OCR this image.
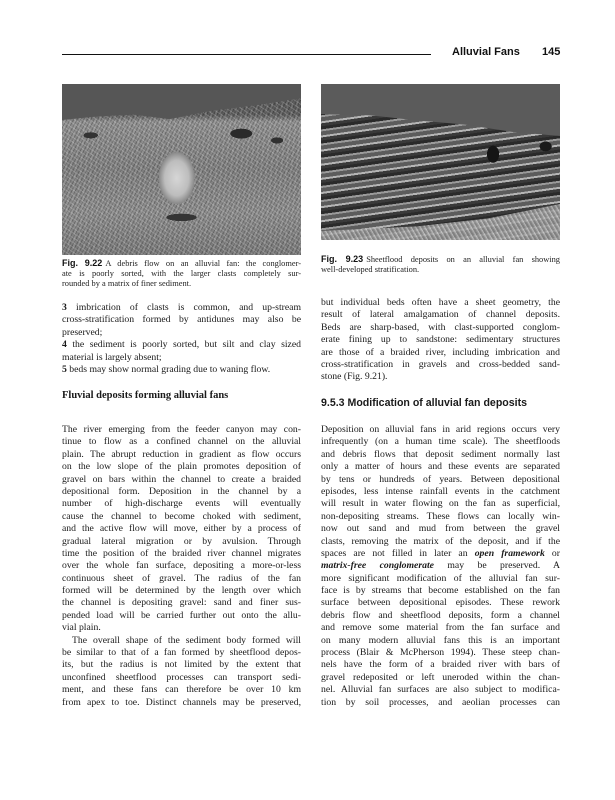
Alluvial Fans 145
Fig. 9.22 A debris flow on an alluvial fan: the conglomer-
ate is poorly sorted, with the larger clasts completely sur-
rounded by a matrix of finer sediment.
Fig. 9.23 Sheetflood deposits on an alluvial fan showing
well-developed stratification.
3 imbrication of clasts is common, and up-stream
cross-stratification formed by antidunes may also be
preserved;
4 the sediment is poorly sorted, but silt and clay sized
material is largely absent;
5 beds may show normal grading due to waning flow.
Fluvial deposits forming alluvial fans
The river emerging from the feeder canyon may con-
tinue to flow as a confined channel on the alluvial
plain. The abrupt reduction in gradient as flow occurs
on the low slope of the plain promotes deposition of
gravel on bars within the channel to create a braided
depositional form. Deposition in the channel by a
number of high-discharge events will eventually
cause the channel to become choked with sediment,
and the active flow will move, either by a process of
gradual lateral migration or by avulsion. Through
time the position of the braided river channel migrates
over the whole fan surface, depositing a more-or-less
continuous sheet of gravel. The radius of the fan
formed will be determined by the length over which
the channel is depositing gravel: sand and finer sus-
pended load will be carried further out onto the allu-
vial plain.
The overall shape of the sediment body formed will
be similar to that of a fan formed by sheetflood depos-
its, but the radius is not limited by the extent that
unconfined sheetflood processes can transport sedi-
ment, and these fans can therefore be over 10 km
from apex to toe. Distinct channels may be preserved,
but individual beds often have a sheet geometry, the
result of lateral amalgamation of channel deposits.
Beds are sharp-based, with clast-supported conglom-
erate fining up to sandstone: sedimentary structures
are those of a braided river, including imbrication and
cross-stratification in gravels and cross-bedded sand-
stone (Fig. 9.21).
9.5.3 Modification of alluvial fan deposits
Deposition on alluvial fans in arid regions occurs very
infrequently (on a human time scale). The sheetfloods
and debris flows that deposit sediment normally last
only a matter of hours and these events are separated
by tens or hundreds of years. Between depositional
episodes, less intense rainfall events in the catchment
will result in water flowing on the fan as superficial,
non-depositing streams. These flows can locally win-
now out sand and mud from between the gravel
clasts, removing the matrix of the deposit, and if the
spaces are not filled in later an open framework or
matrix-free conglomerate may be preserved. A
more significant modification of the alluvial fan sur-
face is by streams that become established on the fan
surface between depositional episodes. These rework
debris flow and sheetflood deposits, form a channel
and remove some material from the fan surface and
on many modern alluvial fans this is an important
process (Blair & McPherson 1994). These steep chan-
nels have the form of a braided river with bars of
gravel redeposited or left uneroded within the chan-
nel. Alluvial fan surfaces are also subject to modifica-
tion by soil processes, and aeolian processes can
